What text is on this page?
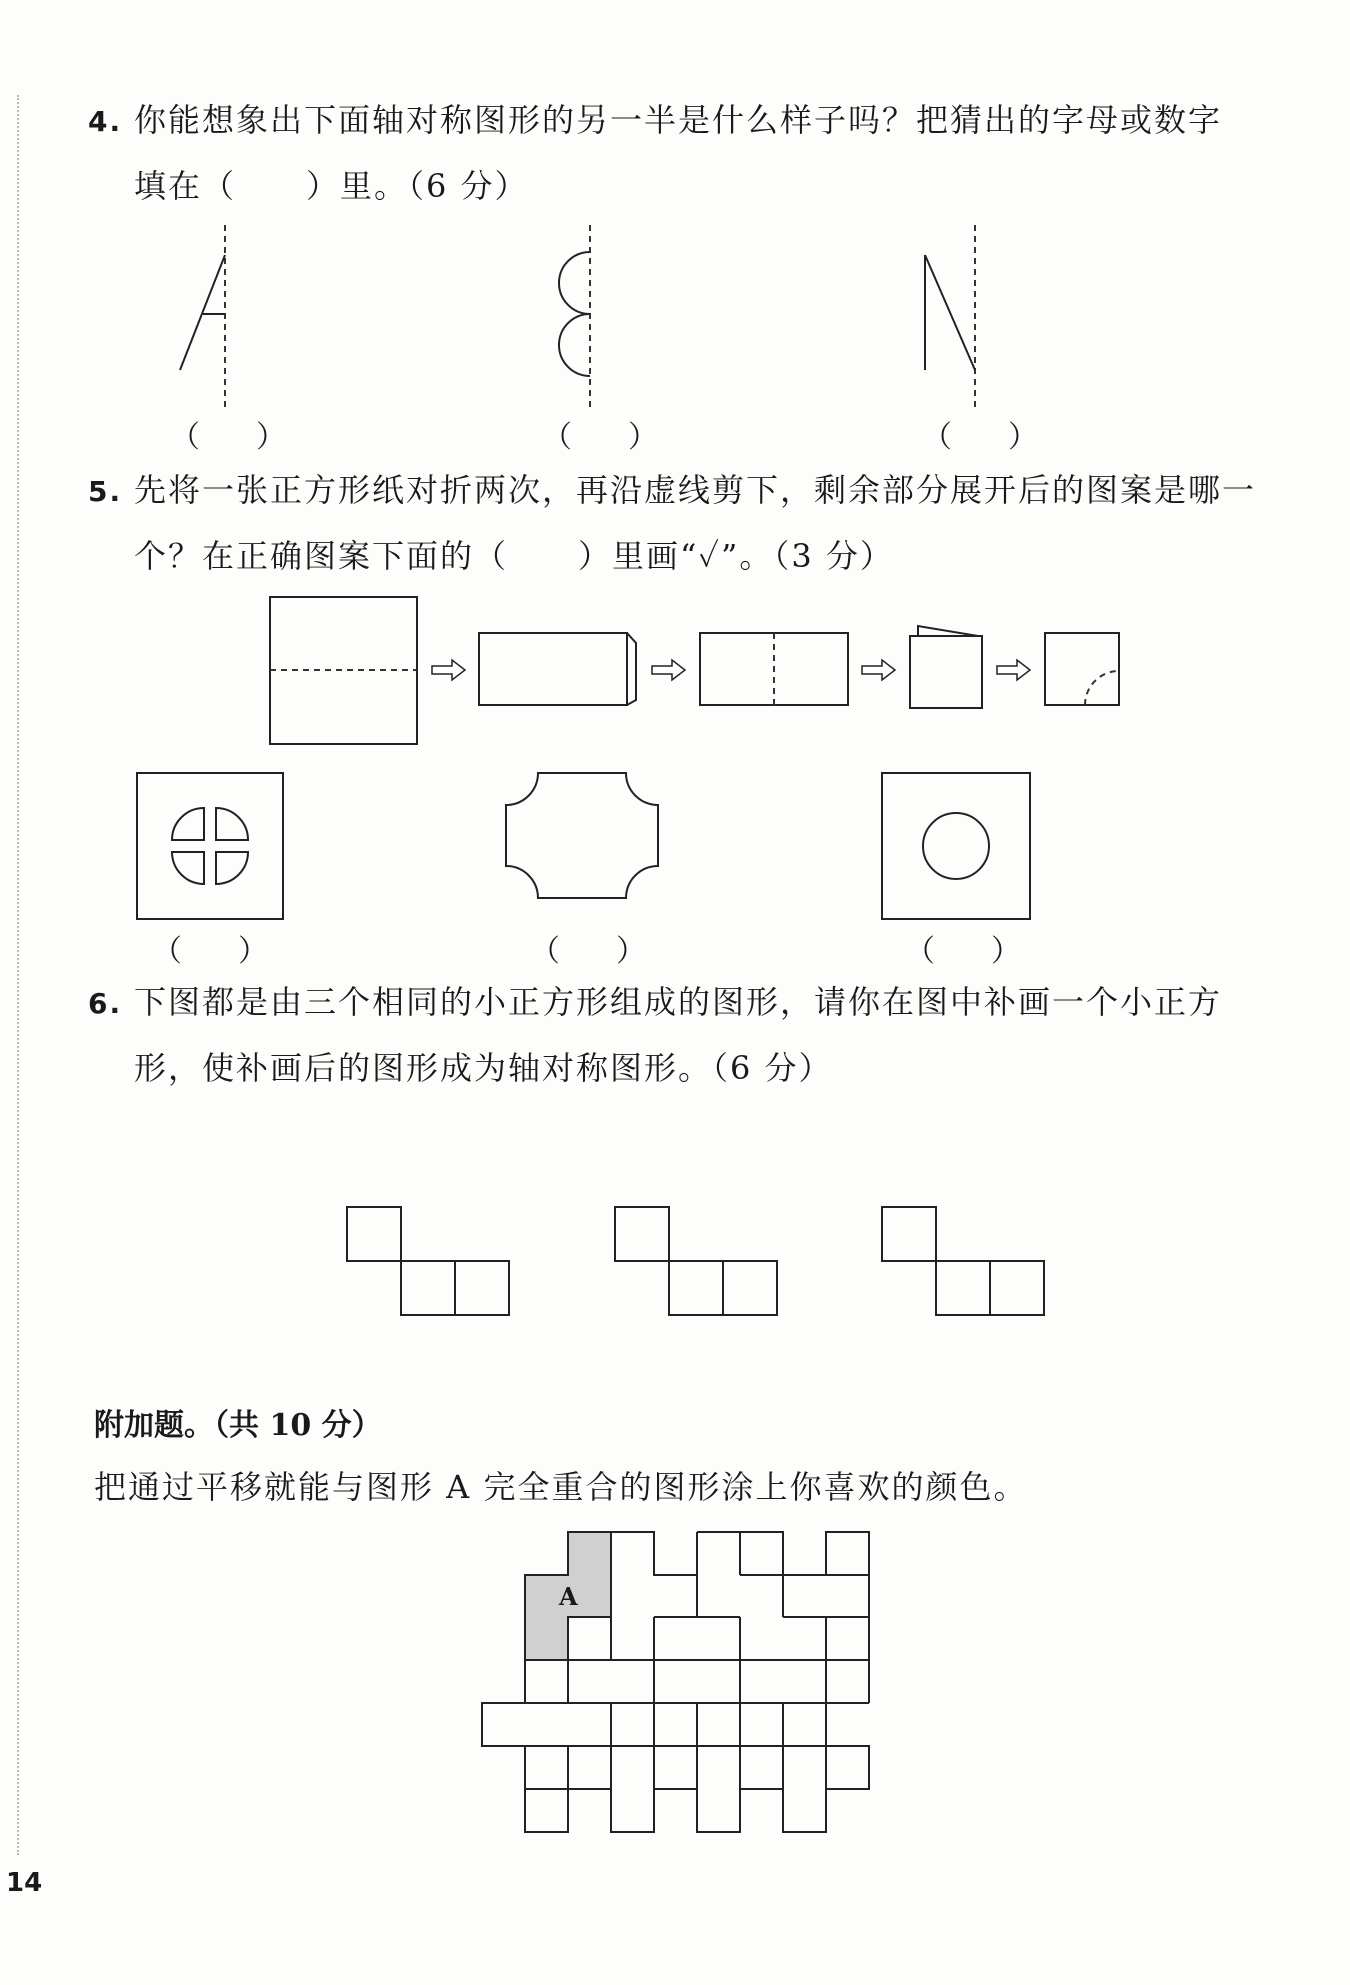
4. 你能想象出下面轴对称图形的另一半是什么样子吗？把猜出的字母或数字
填在（ ）里。（6 分）
（ ）	（ ）	（ ）
5. 先将一张正方形纸对折两次，再沿虚线剪下，剩余部分展开后的图案是哪一
个？在正确图案下面的（ ）里画“✓”。（3 分）
（ ）	（ ）	（ ）
6. 下图都是由三个相同的小正方形组成的图形，请你在图中补画一个小正方
形，使补画后的图形成为轴对称图形。（6 分）
附加题。（共 10 分）
把通过平移就能与图形 A 完全重合的图形涂上你喜欢的颜色。
A
14
